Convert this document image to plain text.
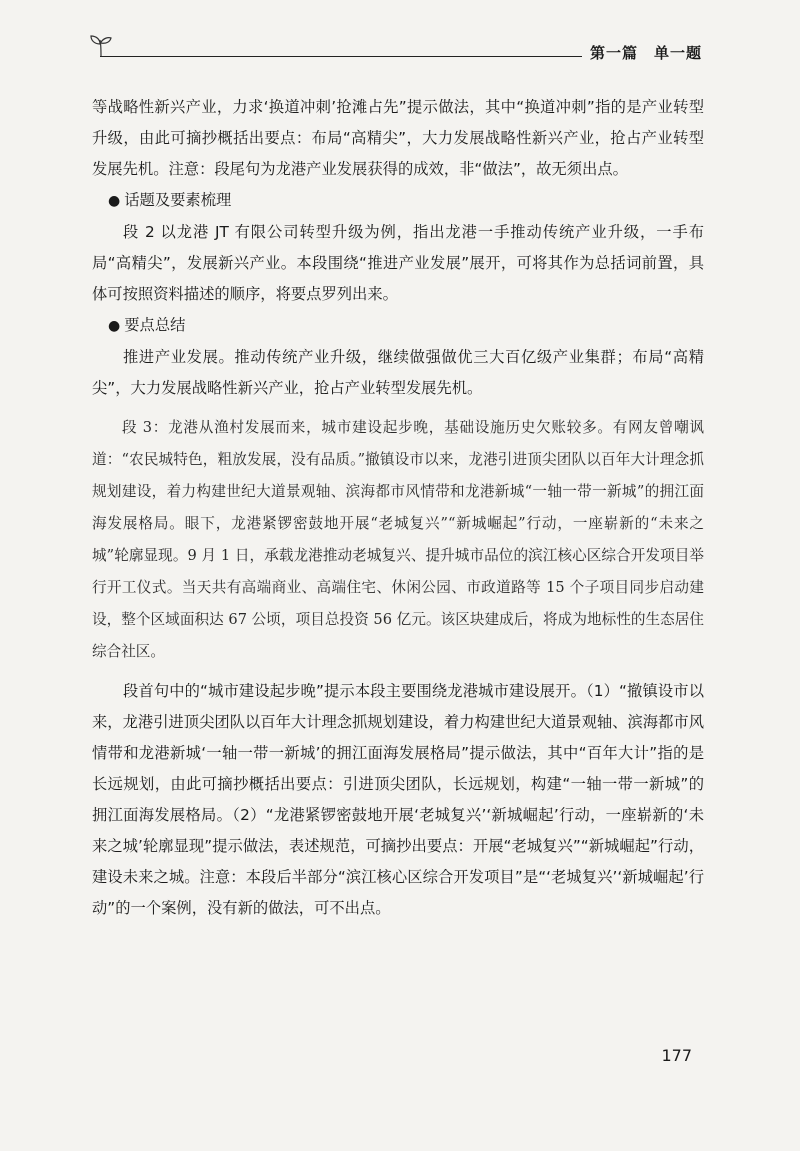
第一篇　单一题

等战略性新兴产业，力求‘换道冲刺’抢滩占先”提示做法，其中“换道冲刺”指的是产业转型升级，由此可摘抄概括出要点：布局“高精尖”，大力发展战略性新兴产业，抢占产业转型发展先机。注意：段尾句为龙港产业发展获得的成效，非“做法”，故无须出点。

● 话题及要素梳理

段 2 以龙港 JT 有限公司转型升级为例，指出龙港一手推动传统产业升级，一手布局“高精尖”，发展新兴产业。本段围绕“推进产业发展”展开，可将其作为总括词前置，具体可按照资料描述的顺序，将要点罗列出来。

● 要点总结

推进产业发展。推动传统产业升级，继续做强做优三大百亿级产业集群；布局“高精尖”，大力发展战略性新兴产业，抢占产业转型发展先机。

段 3：龙港从渔村发展而来，城市建设起步晚，基础设施历史欠账较多。有网友曾嘲讽道：“农民城特色，粗放发展，没有品质。”撤镇设市以来，龙港引进顶尖团队以百年大计理念抓规划建设，着力构建世纪大道景观轴、滨海都市风情带和龙港新城“一轴一带一新城”的拥江面海发展格局。眼下，龙港紧锣密鼓地开展“老城复兴”“新城崛起”行动，一座崭新的“未来之城”轮廓显现。9 月 1 日，承载龙港推动老城复兴、提升城市品位的滨江核心区综合开发项目举行开工仪式。当天共有高端商业、高端住宅、休闲公园、市政道路等 15 个子项目同步启动建设，整个区域面积达 67 公顷，项目总投资 56 亿元。该区块建成后，将成为地标性的生态居住综合社区。

段首句中的“城市建设起步晚”提示本段主要围绕龙港城市建设展开。（1）“撤镇设市以来，龙港引进顶尖团队以百年大计理念抓规划建设，着力构建世纪大道景观轴、滨海都市风情带和龙港新城‘一轴一带一新城’的拥江面海发展格局”提示做法，其中“百年大计”指的是长远规划，由此可摘抄概括出要点：引进顶尖团队，长远规划，构建“一轴一带一新城”的拥江面海发展格局。（2）“龙港紧锣密鼓地开展‘老城复兴’‘新城崛起’行动，一座崭新的‘未来之城’轮廓显现”提示做法，表述规范，可摘抄出要点：开展“老城复兴”“新城崛起”行动，建设未来之城。注意：本段后半部分“滨江核心区综合开发项目”是“‘老城复兴’‘新城崛起’行动”的一个案例，没有新的做法，可不出点。

177
